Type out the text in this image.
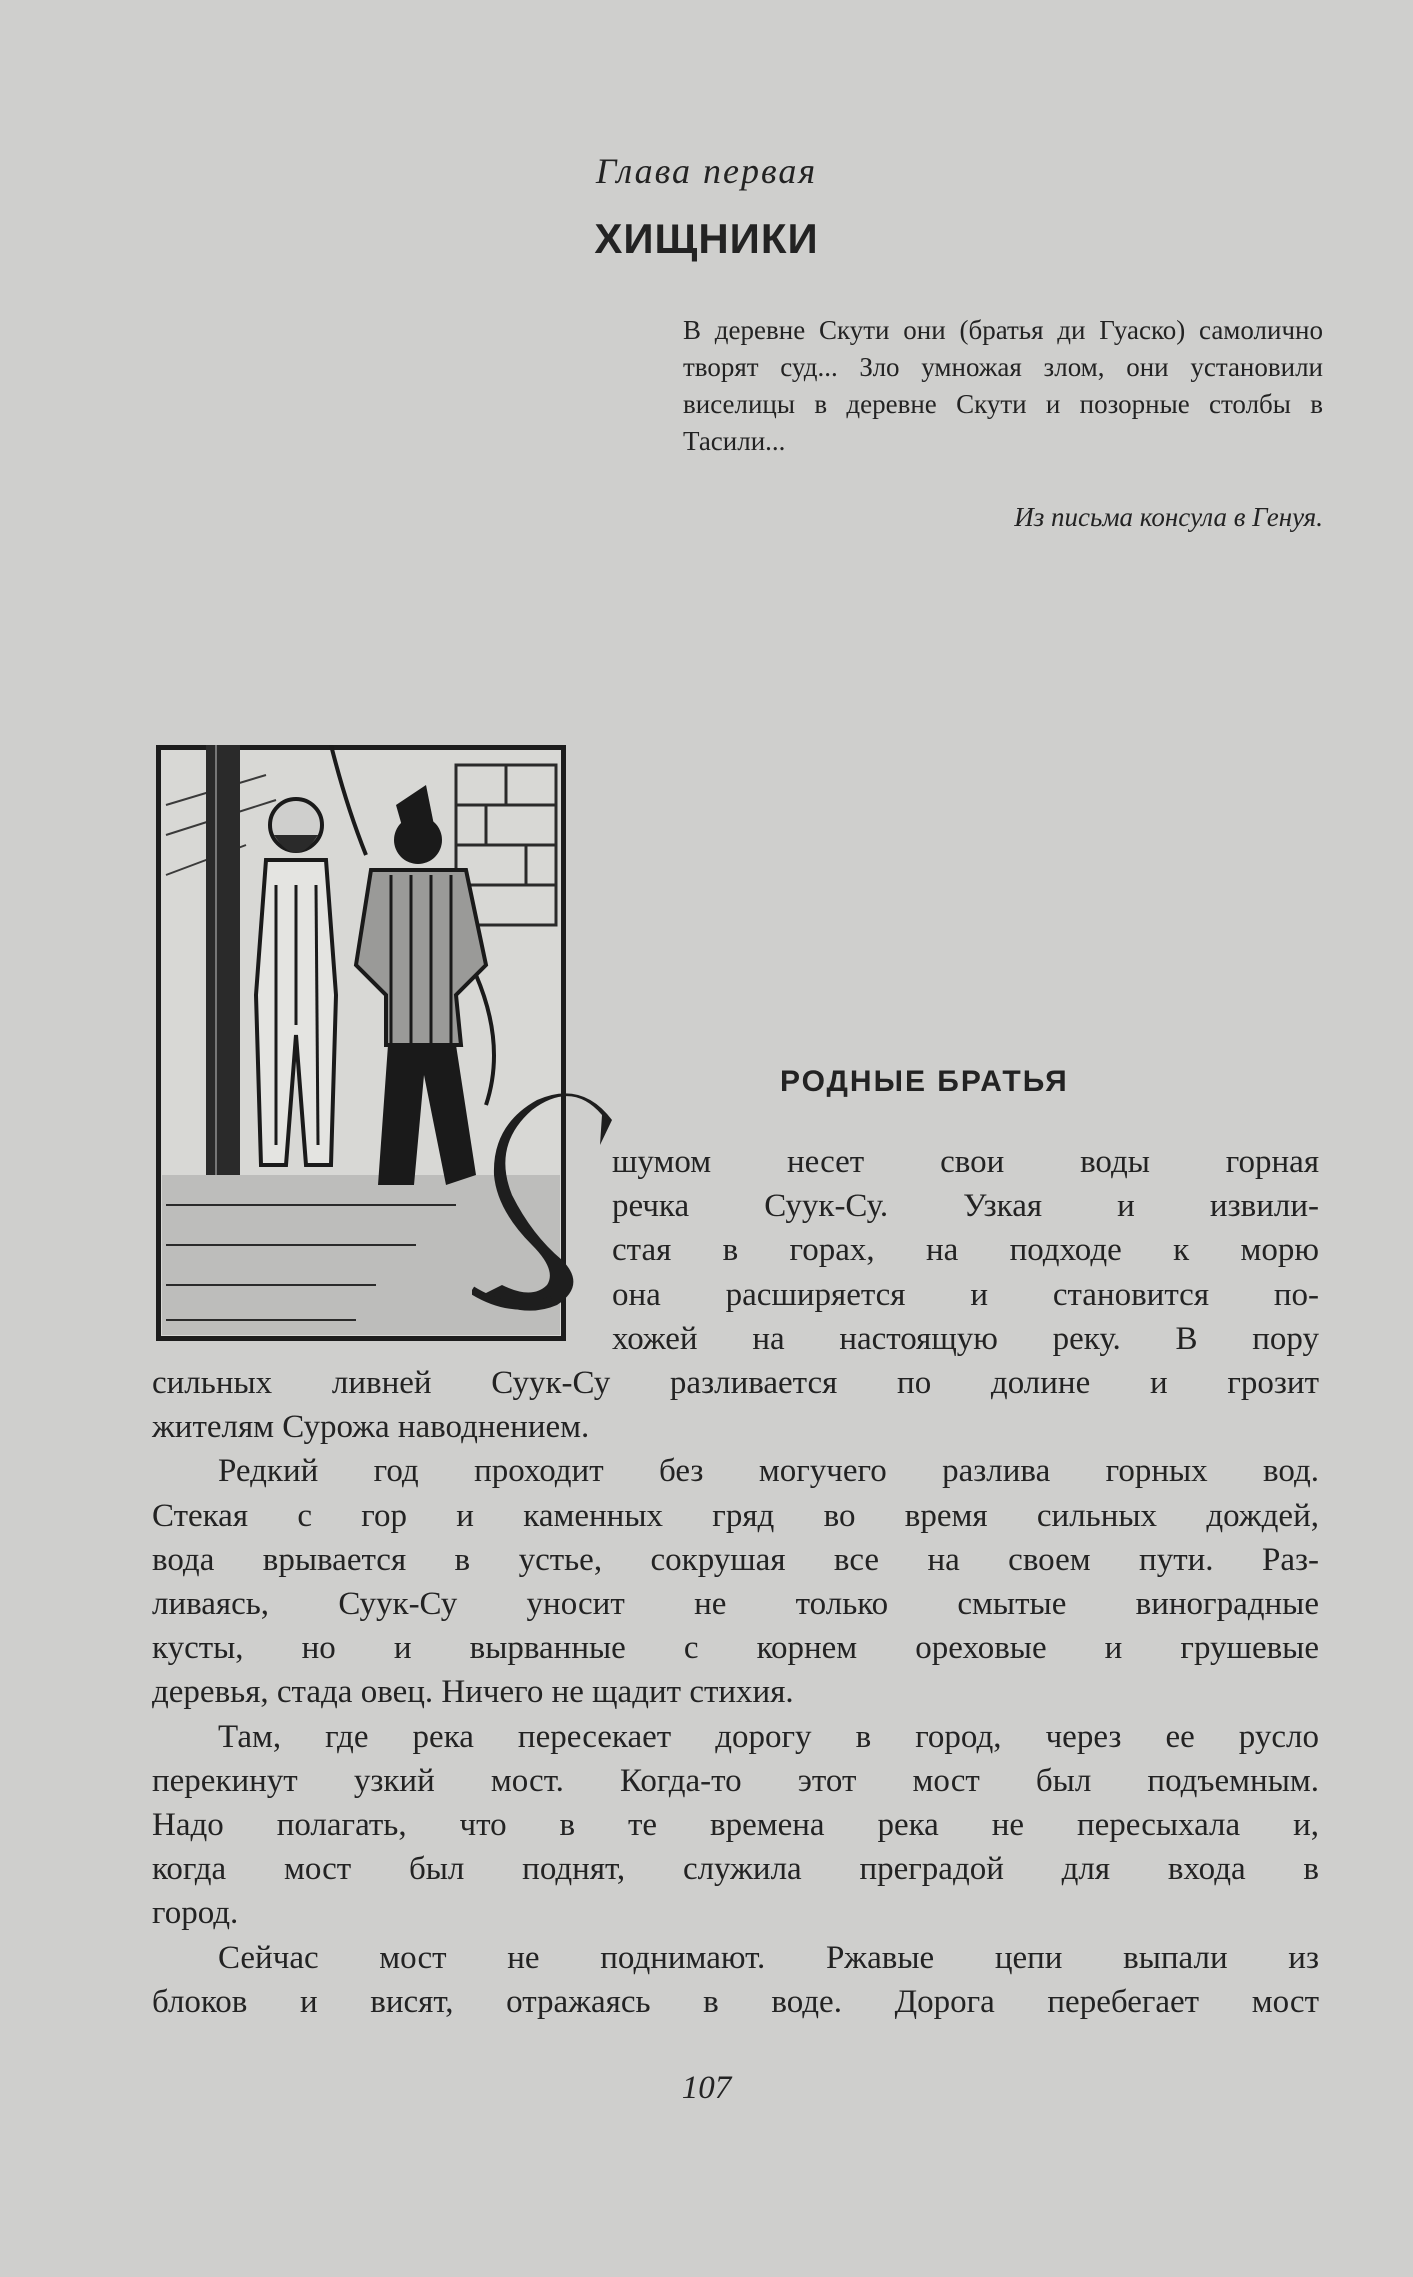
Глава первая
ХИЩНИКИ
В деревне Скути они (братья ди Гуаско) самолично творят суд... Зло умножая злом, они установили виселицы в деревне Скути и позорные столбы в Тасили...
Из письма консула в Генуя.
РОДНЫЕ БРАТЬЯ
шумом несет свои воды горная
речка Суук-Су. Узкая и извили-
стая в горах, на подходе к морю
она расширяется и становится по-
хожей на настоящую реку. В пору
сильных ливней Суук-Су разливается по долине и грозит
жителям Сурожа наводнением.
Редкий год проходит без могучего разлива горных вод.
Стекая с гор и каменных гряд во время сильных дождей,
вода врывается в устье, сокрушая все на своем пути. Раз-
ливаясь, Суук-Су уносит не только смытые виноградные
кусты, но и вырванные с корнем ореховые и грушевые
деревья, стада овец. Ничего не щадит стихия.
Там, где река пересекает дорогу в город, через ее русло
перекинут узкий мост. Когда-то этот мост был подъемным.
Надо полагать, что в те времена река не пересыхала и,
когда мост был поднят, служила преградой для входа в
город.
Сейчас мост не поднимают. Ржавые цепи выпали из
блоков и висят, отражаясь в воде. Дорога перебегает мост
107
